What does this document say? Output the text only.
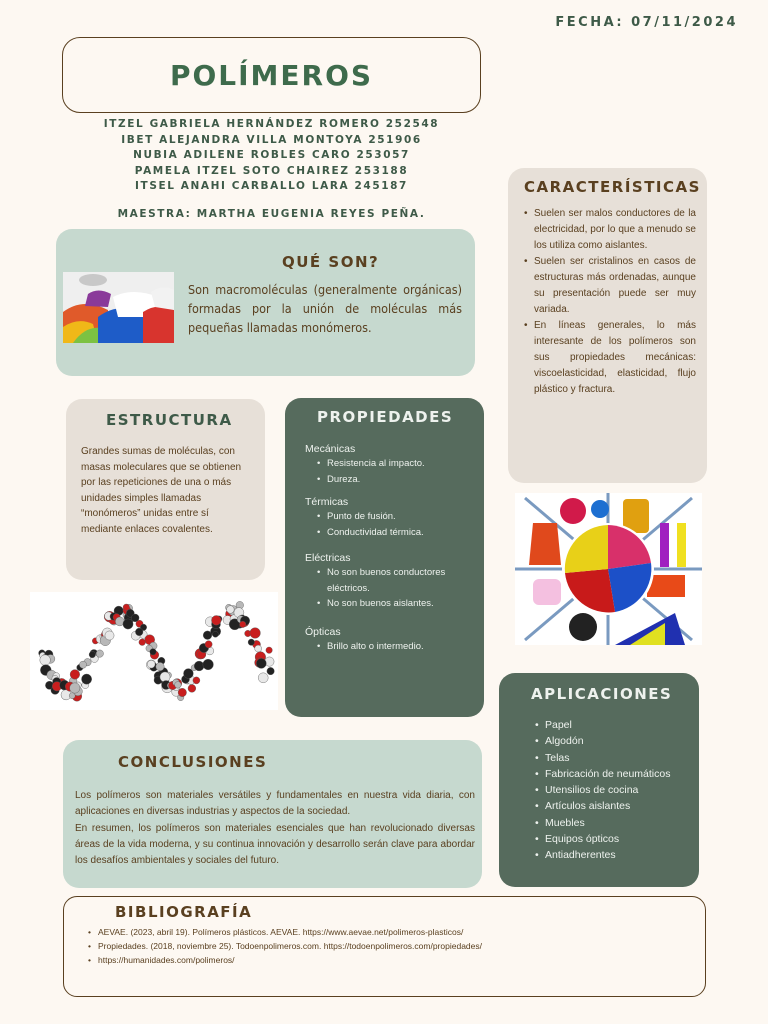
FECHA: 07/11/2024
POLÍMEROS
ITZEL GABRIELA HERNÁNDEZ ROMERO 252548
IBET ALEJANDRA VILLA MONTOYA 251906
NUBIA ADILENE ROBLES CARO 253057
PAMELA ITZEL SOTO CHAIREZ 253188
ITSEL ANAHI CARBALLO LARA 245187
MAESTRA: MARTHA EUGENIA REYES PEÑA.
QUÉ SON?
Son macromoléculas (generalmente orgánicas) formadas por la unión de moléculas más pequeñas llamadas monómeros.
CARACTERÍSTICAS
• Suelen ser malos conductores de la electricidad, por lo que a menudo se los utiliza como aislantes.
• Suelen ser cristalinos en casos de estructuras más ordenadas, aunque su presentación puede ser muy variada.
• En líneas generales, lo más interesante de los polímeros son sus propiedades mecánicas: viscoelasticidad, elasticidad, flujo plástico y fractura.
ESTRUCTURA

Grandes sumas de moléculas, con masas moleculares que se obtienen por las repeticiones de una o más unidades simples llamadas “monómeros” unidas entre sí mediante enlaces covalentes.

PROPIEDADES
Mecánicas
• Resistencia al impacto.
• Dureza.
Térmicas
• Punto de fusión.
• Conductividad térmica.
Eléctricas
• No son buenos conductores eléctricos.
• No son buenos aislantes.
Ópticas
• Brillo alto o intermedio.
APLICACIONES
• Papel
• Algodón
• Telas
• Fabricación de neumáticos
• Utensilios de cocina
• Artículos aislantes
• Muebles
• Equipos ópticos
• Antiadherentes
CONCLUSIONES

Los polímeros son materiales versátiles y fundamentales en nuestra vida diaria, con aplicaciones en diversas industrias y aspectos de la sociedad.
En resumen, los polímeros son materiales esenciales que han revolucionado diversas áreas de la vida moderna, y su continua innovación y desarrollo serán clave para abordar los desafíos ambientales y sociales del futuro.

BIBLIOGRAFÍA
• AEVAE. (2023, abril 19). Polímeros plásticos. AEVAE. https://www.aevae.net/polimeros-plasticos/
• Propiedades. (2018, noviembre 25). Todoenpolimeros.com. https://todoenpolimeros.com/propiedades/
• https://humanidades.com/polimeros/
